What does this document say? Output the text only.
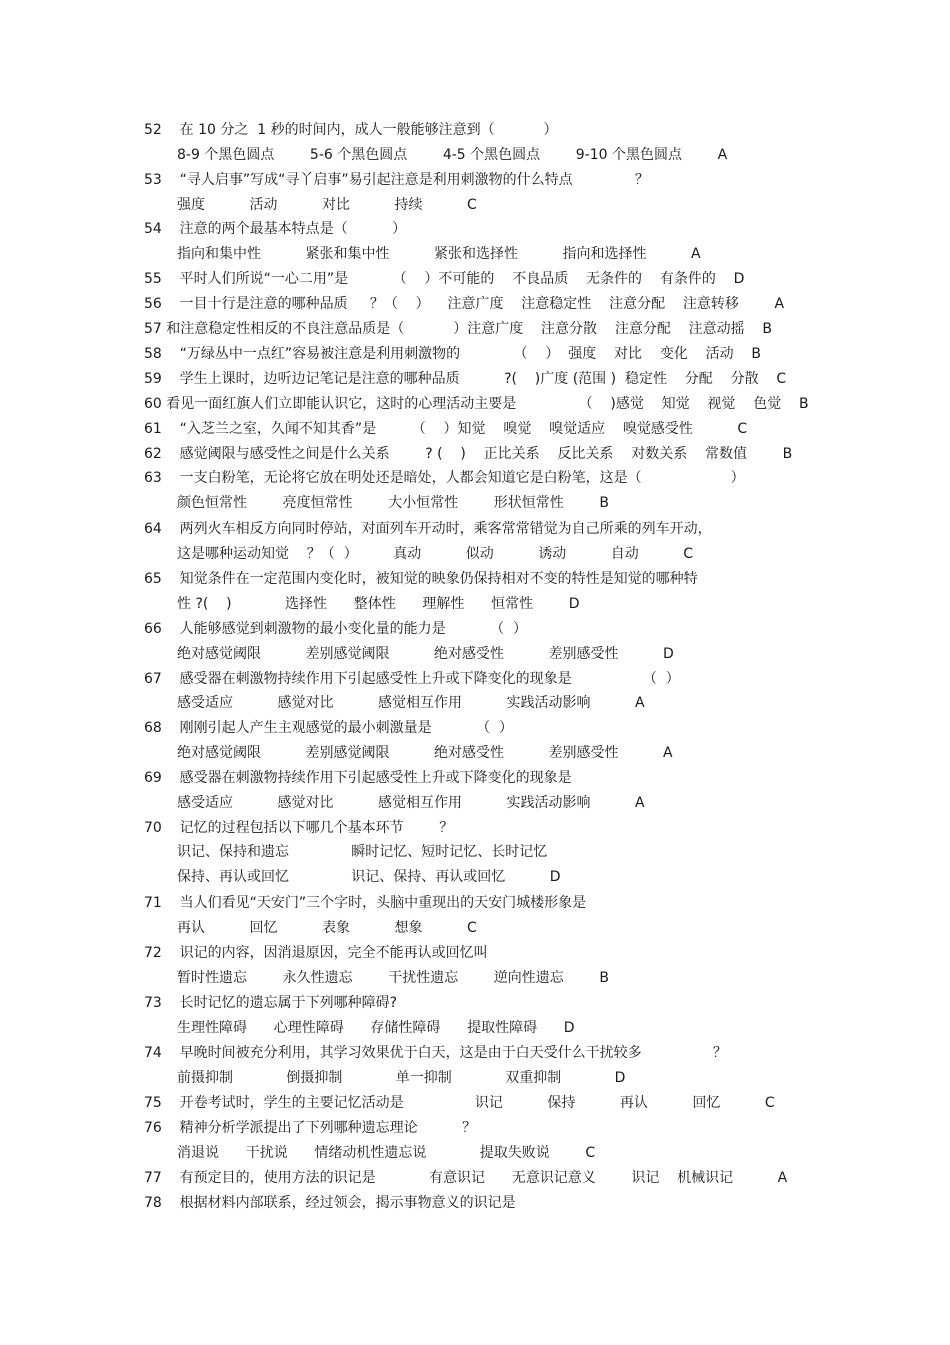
52    在 10 分之  1 秒的时间内，成人一般能够注意到（           ）

8-9 个黑色圆点        5-6 个黑色圆点        4-5 个黑色圆点        9-10 个黑色圆点        A

53    “寻人启事”写成“寻丫启事”易引起注意是利用刺激物的什么特点              ？

强度          活动          对比          持续          C

54    注意的两个最基本特点是（          ）

指向和集中性          紧张和集中性          紧张和选择性          指向和选择性          A

55    平时人们所说“一心二用”是          （    ）不可能的    不良品质    无条件的    有条件的    D

56    一目十行是注意的哪种品质     ？（    ）    注意广度    注意稳定性    注意分配    注意转移        A

57 和注意稳定性相反的不良注意品质是（           ）注意广度    注意分散    注意分配    注意动摇    B

58    “万绿丛中一点红”容易被注意是利用刺激物的            （    ）  强度    对比    变化    活动    B

59    学生上课时，边听边记笔记是注意的哪种品质          ?(    )广度 (范围 )  稳定性    分配    分散    C

60 看见一面红旗人们立即能认识它，这时的心理活动主要是              （    )感觉    知觉    视觉    色觉    B

61    “入芝兰之室，久闻不知其香”是        （    ）知觉    嗅觉    嗅觉适应    嗅觉感受性          C

62    感觉阈限与感受性之间是什么关系        ? (    )    正比关系    反比关系    对数关系    常数值        B

63    一支白粉笔，无论将它放在明处还是暗处，人都会知道它是白粉笔，这是（                    ）

颜色恒常性        亮度恒常性        大小恒常性        形状恒常性        B

64    两列火车相反方向同时停站，对面列车开动时，乘客常常错觉为自己所乘的列车开动，

这是哪种运动知觉    ？（  ）        真动          似动          诱动          自动          C

65    知觉条件在一定范围内变化时，被知觉的映象仍保持相对不变的特性是知觉的哪种特

性 ?(    )            选择性      整体性      理解性      恒常性        D

66    人能够感觉到刺激物的最小变化量的能力是          （  ）

绝对感觉阈限          差别感觉阈限          绝对感受性          差别感受性          D

67    感受器在刺激物持续作用下引起感受性上升或下降变化的现象是                （  ）

感受适应          感觉对比          感觉相互作用          实践活动影响          A

68    刚刚引起人产生主观感觉的最小刺激量是          （  ）

绝对感觉阈限          差别感觉阈限          绝对感受性          差别感受性          A

69    感受器在刺激物持续作用下引起感受性上升或下降变化的现象是

感受适应          感觉对比          感觉相互作用          实践活动影响          A

70    记忆的过程包括以下哪几个基本环节        ？

识记、保持和遗忘              瞬时记忆、短时记忆、长时记忆

保持、再认或回忆              识记、保持、再认或回忆          D

71    当人们看见“天安门”三个字时，头脑中重现出的天安门城楼形象是

再认          回忆          表象          想象          C

72    识记的内容，因消退原因，完全不能再认或回忆叫

暂时性遗忘        永久性遗忘        干扰性遗忘        逆向性遗忘        B

73    长时记忆的遗忘属于下列哪种障碍?

生理性障碍      心理性障碍      存储性障碍      提取性障碍      D

74    早晚时间被充分利用，其学习效果优于白天，这是由于白天受什么干扰较多                ？

前摄抑制            倒摄抑制            单一抑制            双重抑制            D

75    开卷考试时，学生的主要记忆活动是                识记          保持          再认          回忆          C

76    精神分析学派提出了下列哪种遗忘理论          ？

消退说      干扰说      情绪动机性遗忘说            提取失败说        C

77    有预定目的，使用方法的识记是            有意识记      无意识记意义        识记    机械识记          A

78    根据材料内部联系，经过领会，揭示事物意义的识记是
